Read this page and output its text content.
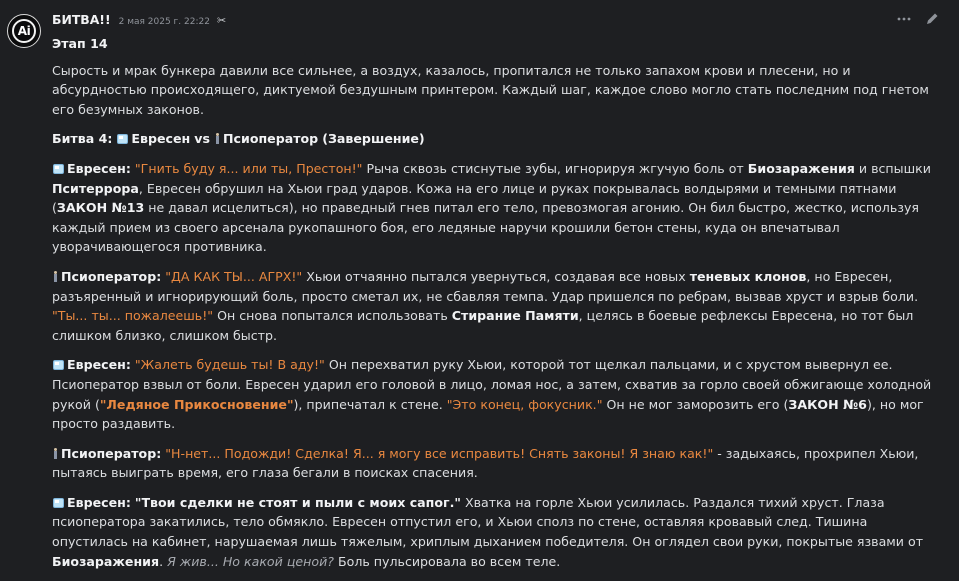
Ai
БИТВА!! 2 мая 2025 г. 22:22 ✂

Этап 14

Сырость и мрак бункера давили все сильнее, а воздух, казалось, пропитался не только запахом крови и плесени, но и абсурдностью происходящего, диктуемой бездушным принтером. Каждый шаг, каждое слово могло стать последним под гнетом его безумных законов.

Битва 4: Евресен vs Псиоператор (Завершение)

Евресен: "Гнить буду я... или ты, Престон!" Рыча сквозь стиснутые зубы, игнорируя жгучую боль от Биозаражения и вспышки Пситеррора, Евресен обрушил на Хьюи град ударов. Кожа на его лице и руках покрывалась волдырями и темными пятнами (ЗАКОН №13 не давал исцелиться), но праведный гнев питал его тело, превозмогая агонию. Он бил быстро, жестко, используя каждый прием из своего арсенала рукопашного боя, его ледяные наручи крошили бетон стены, куда он впечатывал уворачивающегося противника.

Псиоператор: "ДА КАК ТЫ... АГРХ!" Хьюи отчаянно пытался увернуться, создавая все новых теневых клонов, но Евресен, разъяренный и игнорирующий боль, просто сметал их, не сбавляя темпа. Удар пришелся по ребрам, вызвав хруст и взрыв боли. "Ты... ты... пожалеешь!" Он снова попытался использовать Стирание Памяти, целясь в боевые рефлексы Евресена, но тот был слишком близко, слишком быстр.

Евресен: "Жалеть будешь ты! В аду!" Он перехватил руку Хьюи, которой тот щелкал пальцами, и с хрустом вывернул ее. Псиоператор взвыл от боли. Евресен ударил его головой в лицо, ломая нос, а затем, схватив за горло своей обжигающе холодной рукой ("Ледяное Прикосновение"), припечатал к стене. "Это конец, фокусник." Он не мог заморозить его (ЗАКОН №6), но мог просто раздавить.

Псиоператор: "Н-нет... Подожди! Сделка! Я... я могу все исправить! Снять законы! Я знаю как!" - задыхаясь, прохрипел Хьюи, пытаясь выиграть время, его глаза бегали в поисках спасения.

Евресен: "Твои сделки не стоят и пыли с моих сапог." Хватка на горле Хьюи усилилась. Раздался тихий хруст. Глаза псиоператора закатились, тело обмякло. Евресен отпустил его, и Хьюи сполз по стене, оставляя кровавый след. Тишина опустилась на кабинет, нарушаемая лишь тяжелым, хриплым дыханием победителя. Он оглядел свои руки, покрытые язвами от Биозаражения. Я жив... Но какой ценой? Боль пульсировала во всем теле.
